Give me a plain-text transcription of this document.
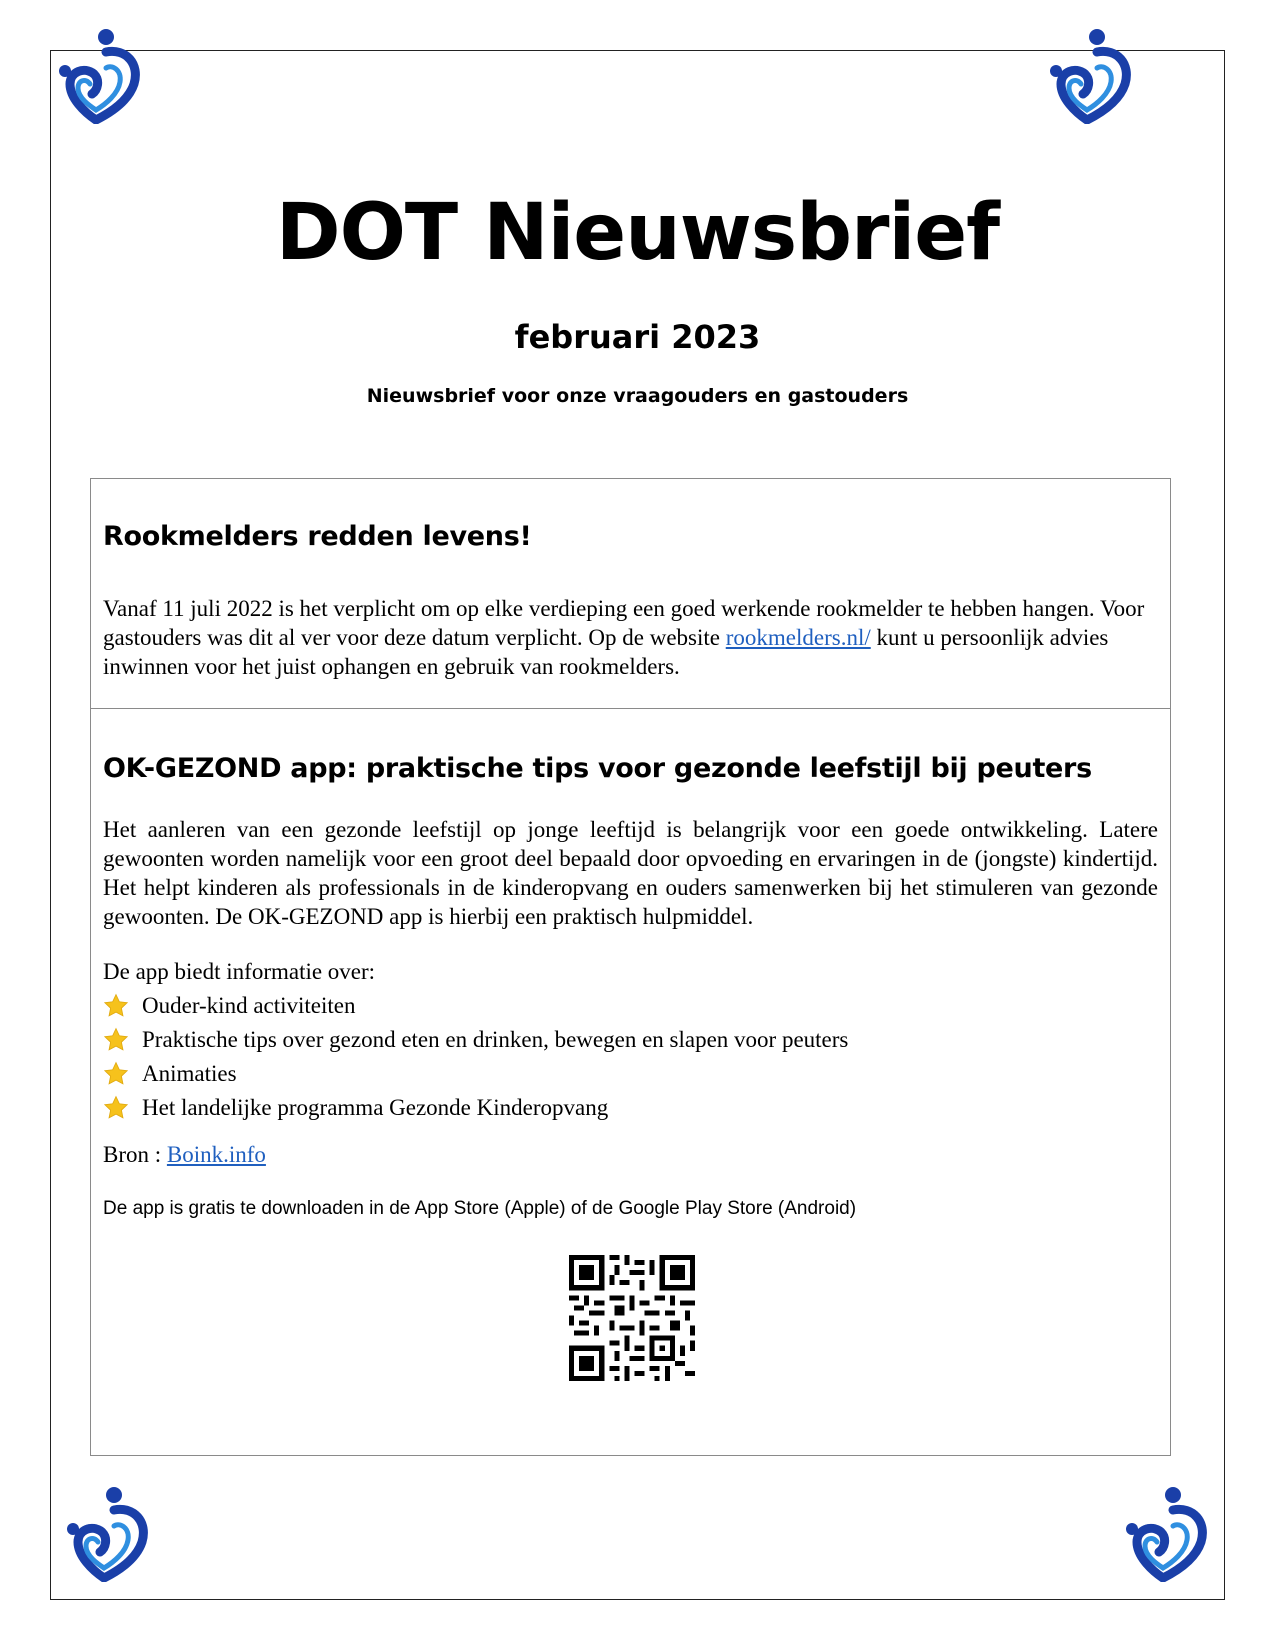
DOT Nieuwsbrief
februari 2023
Nieuwsbrief voor onze vraagouders en gastouders
Rookmelders redden levens!

Vanaf 11 juli 2022 is het verplicht om op elke verdieping een goed werkende rookmelder te hebben hangen. Voor gastouders was dit al ver voor deze datum verplicht. Op de website rookmelders.nl/ kunt u persoonlijk advies inwinnen voor het juist ophangen en gebruik van rookmelders.

OK-GEZOND app: praktische tips voor gezonde leefstijl bij peuters

Het aanleren van een gezonde leefstijl op jonge leeftijd is belangrijk voor een goede ontwikkeling. Latere gewoonten worden namelijk voor een groot deel bepaald door opvoeding en ervaringen in de (jongste) kindertijd. Het helpt kinderen als professionals in de kinderopvang en ouders samenwerken bij het stimuleren van gezonde gewoonten. De OK-GEZOND app is hierbij een praktisch hulpmiddel.

De app biedt informatie over:

Ouder-kind activiteiten
Praktische tips over gezond eten en drinken, bewegen en slapen voor peuters
Animaties
Het landelijke programma Gezonde Kinderopvang

Bron : Boink.info

De app is gratis te downloaden in de App Store (Apple) of de Google Play Store (Android)
